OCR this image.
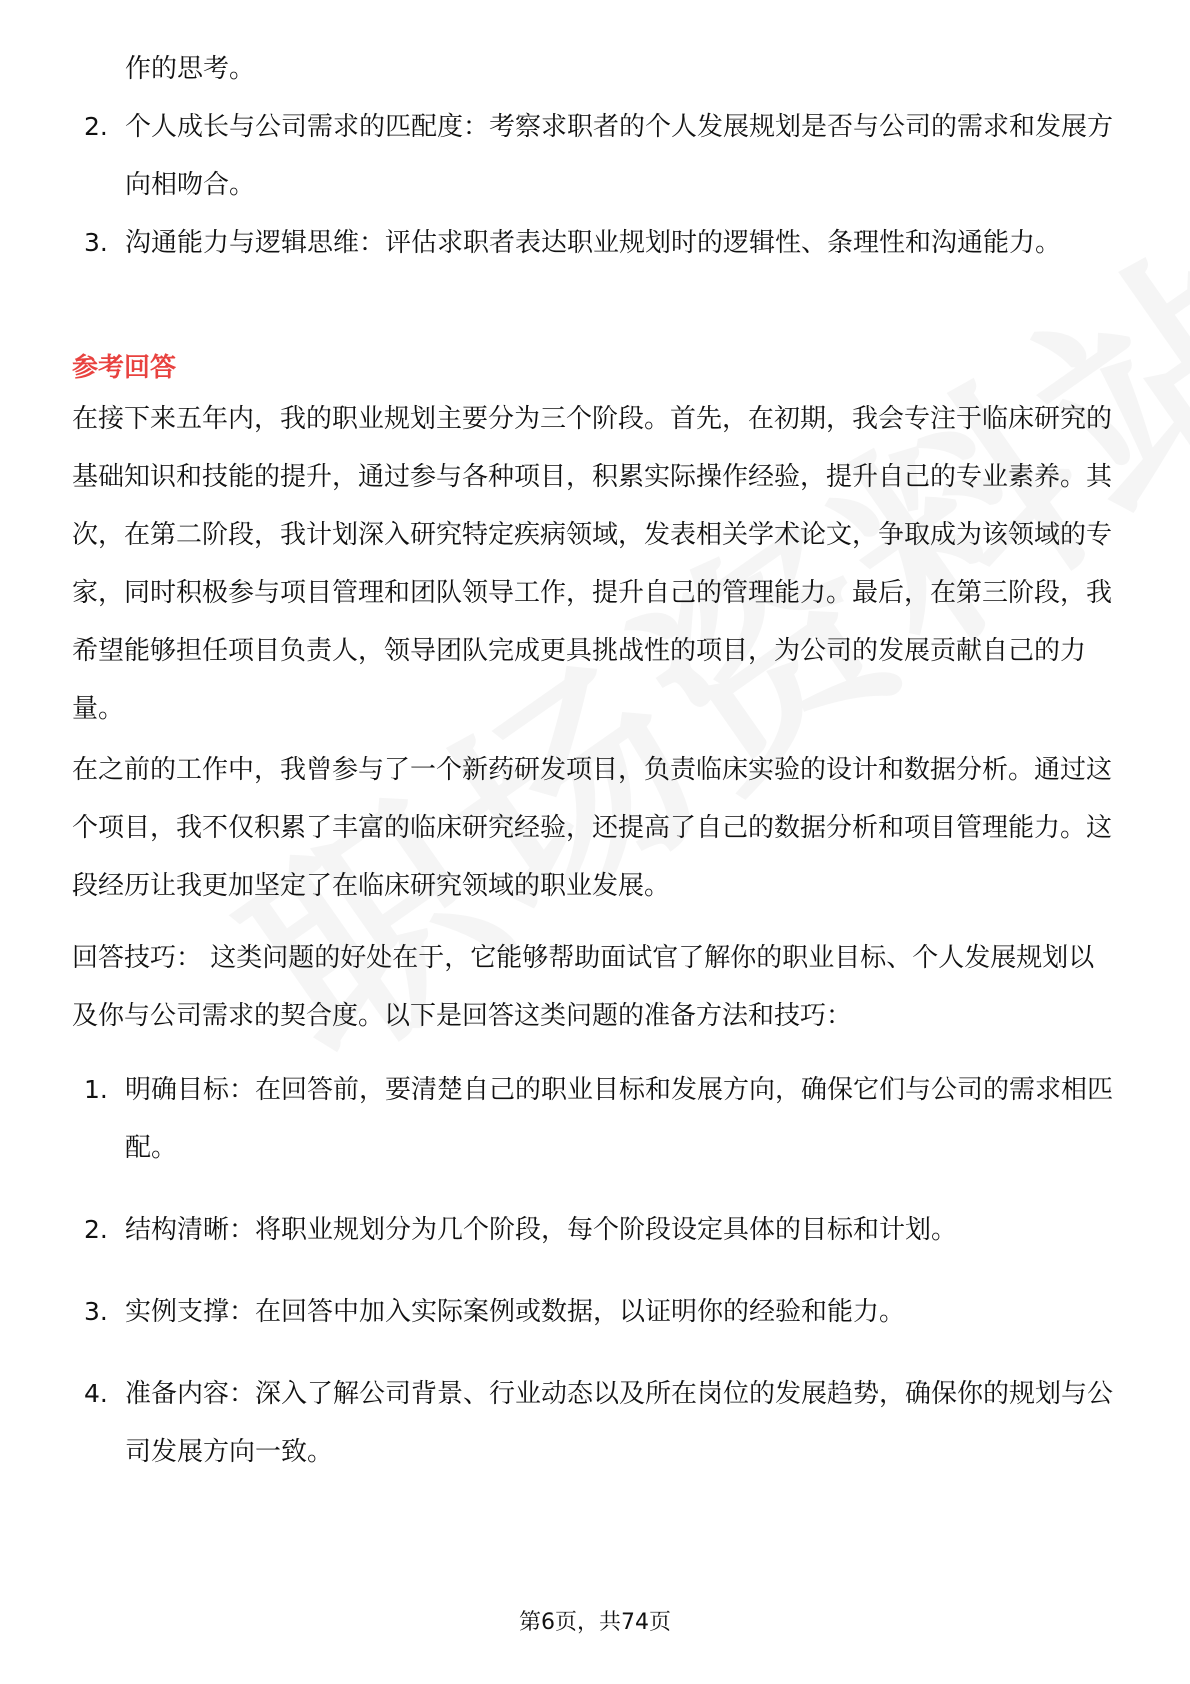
作的思考。
2. 个人成长与公司需求的匹配度：考察求职者的个人发展规划是否与公司的需求和发展方向相吻合。
3. 沟通能力与逻辑思维：评估求职者表达职业规划时的逻辑性、条理性和沟通能力。
参考回答

在接下来五年内，我的职业规划主要分为三个阶段。首先，在初期，我会专注于临床研究的基础知识和技能的提升，通过参与各种项目，积累实际操作经验，提升自己的专业素养。其次，在第二阶段，我计划深入研究特定疾病领域，发表相关学术论文，争取成为该领域的专家，同时积极参与项目管理和团队领导工作，提升自己的管理能力。最后，在第三阶段，我希望能够担任项目负责人，领导团队完成更具挑战性的项目，为公司的发展贡献自己的力量。

在之前的工作中，我曾参与了一个新药研发项目，负责临床实验的设计和数据分析。通过这个项目，我不仅积累了丰富的临床研究经验，还提高了自己的数据分析和项目管理能力。这段经历让我更加坚定了在临床研究领域的职业发展。

回答技巧： 这类问题的好处在于，它能够帮助面试官了解你的职业目标、个人发展规划以及你与公司需求的契合度。以下是回答这类问题的准备方法和技巧：

1. 明确目标：在回答前，要清楚自己的职业目标和发展方向，确保它们与公司的需求相匹配。
2. 结构清晰：将职业规划分为几个阶段，每个阶段设定具体的目标和计划。
3. 实例支撑：在回答中加入实际案例或数据，以证明你的经验和能力。
4. 准备内容：深入了解公司背景、行业动态以及所在岗位的发展趋势，确保你的规划与公司发展方向一致。
第6页，共74页
